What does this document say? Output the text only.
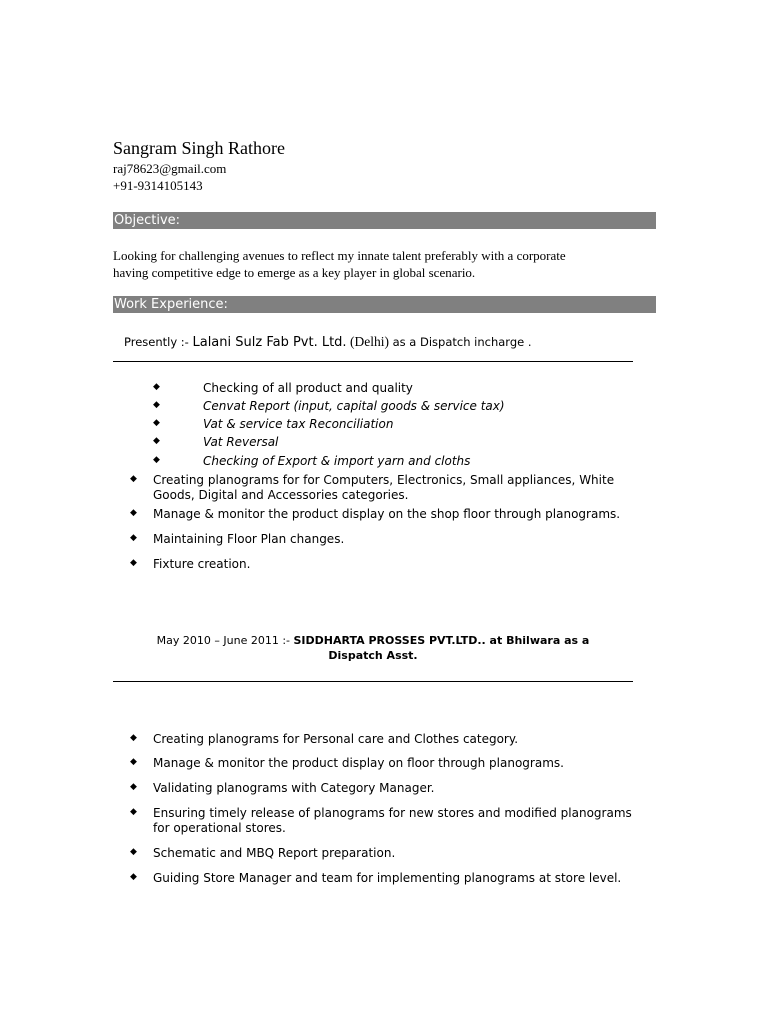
Sangram Singh Rathore
raj78623@gmail.com
+91-9314105143
Objective:
Looking for challenging avenues to reflect my innate talent preferably with a corporate
having competitive edge to emerge as a key player in global scenario.
Work Experience:
Presently :- Lalani Sulz Fab Pvt. Ltd. (Delhi) as a Dispatch incharge .
◆	Checking of all product and quality
◆	Cenvat Report (input, capital goods & service tax)
◆	Vat & service tax Reconciliation
◆	Vat Reversal
◆	Checking of Export & import yarn and cloths
◆ Creating planograms for for Computers, Electronics, Small appliances, White
Goods, Digital and Accessories categories.
◆ Manage & monitor the product display on the shop floor through planograms.
◆ Maintaining Floor Plan changes.
◆ Fixture creation.
May 2010 – June 2011 :- SIDDHARTA PROSSES PVT.LTD.. at Bhilwara as a
Dispatch Asst.
◆ Creating planograms for Personal care and Clothes category.
◆ Manage & monitor the product display on floor through planograms.
◆ Validating planograms with Category Manager.
◆ Ensuring timely release of planograms for new stores and modified planograms
for operational stores.
◆ Schematic and MBQ Report preparation.
◆ Guiding Store Manager and team for implementing planograms at store level.
